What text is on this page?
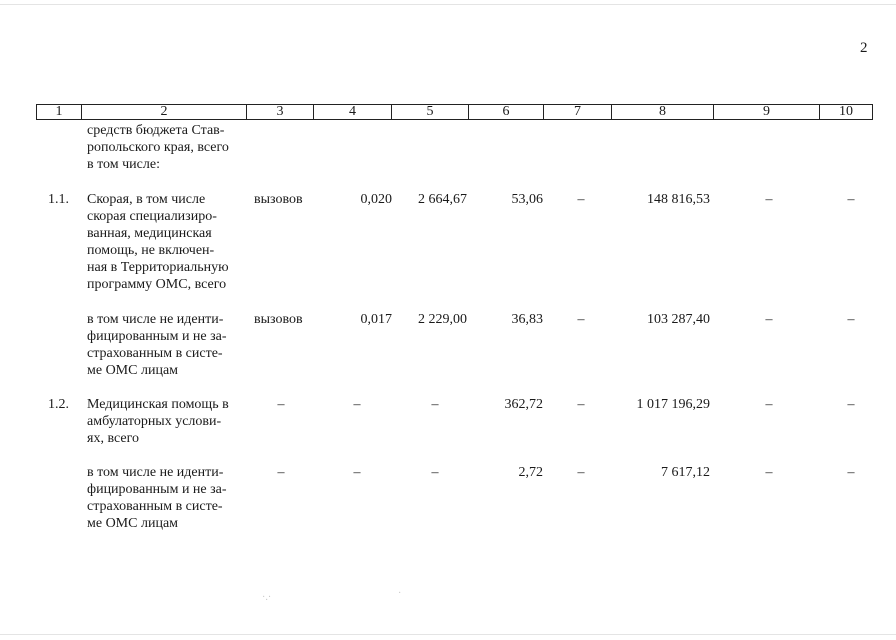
2
1	2	3	4	5	6	7	8	9	10
средств бюджета Став-
ропольского края, всего
в том числе:
1.1. Скорая, в том числе
скорая специализиро-
ванная, медицинская
помощь, не включен-
ная в Территориальную
программу ОМС, всего
вызовов	0,020	2 664,67	53,06	–	148 816,53	–	–
в том числе не иденти-
фицированным и не за-
страхованным в систе-
ме ОМС лицам
вызовов	0,017	2 229,00	36,83	–	103 287,40	–	–
1.2. Медицинская помощь в
амбулаторных услови-
ях, всего
–	–	–	362,72	–	1 017 196,29	–	–
в том числе не иденти-
фицированным и не за-
страхованным в систе-
ме ОМС лицам
–	–	–	2,72	–	7 617,12	–	–
·.·	·
